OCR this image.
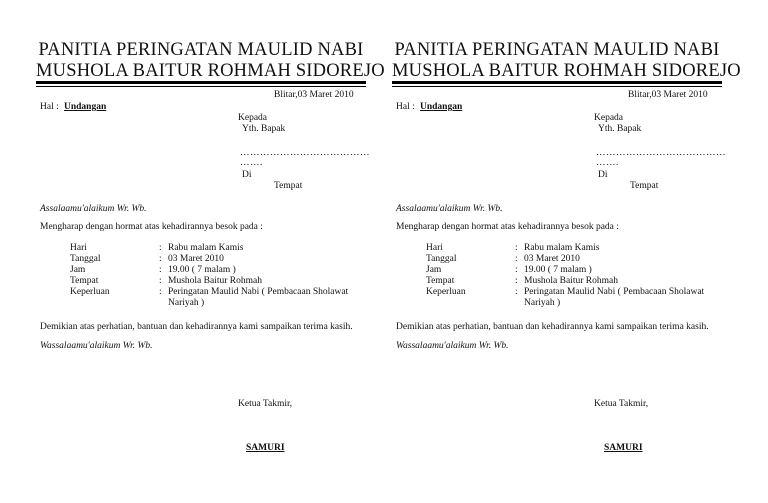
PANITIA PERINGATAN MAULID NABI
MUSHOLA BAITUR ROHMAH SIDOREJO
Blitar,03 Maret 2010
Hal : Undangan
Kepada
Yth. Bapak
…………………………………
…….
Di
Tempat
Assalaamu'alaikum Wr. Wb.
Mengharap dengan hormat atas kehadirannya besok pada :
Hari	: Rabu malam Kamis
Tanggal	: 03 Maret 2010
Jam	: 19.00 ( 7 malam )
Tempat	: Mushola Baitur Rohmah
Keperluan	: Peringatan Maulid Nabi ( Pembacaan Sholawat
Nariyah )
Demikian atas perhatian, bantuan dan kehadirannya kami sampaikan terima kasih.
Wassalaamu'alaikum Wr. Wb.
Ketua Takmir,
SAMURI
PANITIA PERINGATAN MAULID NABI
MUSHOLA BAITUR ROHMAH SIDOREJO
Blitar,03 Maret 2010
Hal : Undangan
Kepada
Yth. Bapak
…………………………………
…….
Di
Tempat
Assalaamu'alaikum Wr. Wb.
Mengharap dengan hormat atas kehadirannya besok pada :
Hari	: Rabu malam Kamis
Tanggal	: 03 Maret 2010
Jam	: 19.00 ( 7 malam )
Tempat	: Mushola Baitur Rohmah
Keperluan	: Peringatan Maulid Nabi ( Pembacaan Sholawat
Nariyah )
Demikian atas perhatian, bantuan dan kehadirannya kami sampaikan terima kasih.
Wassalaamu'alaikum Wr. Wb.
Ketua Takmir,
SAMURI
